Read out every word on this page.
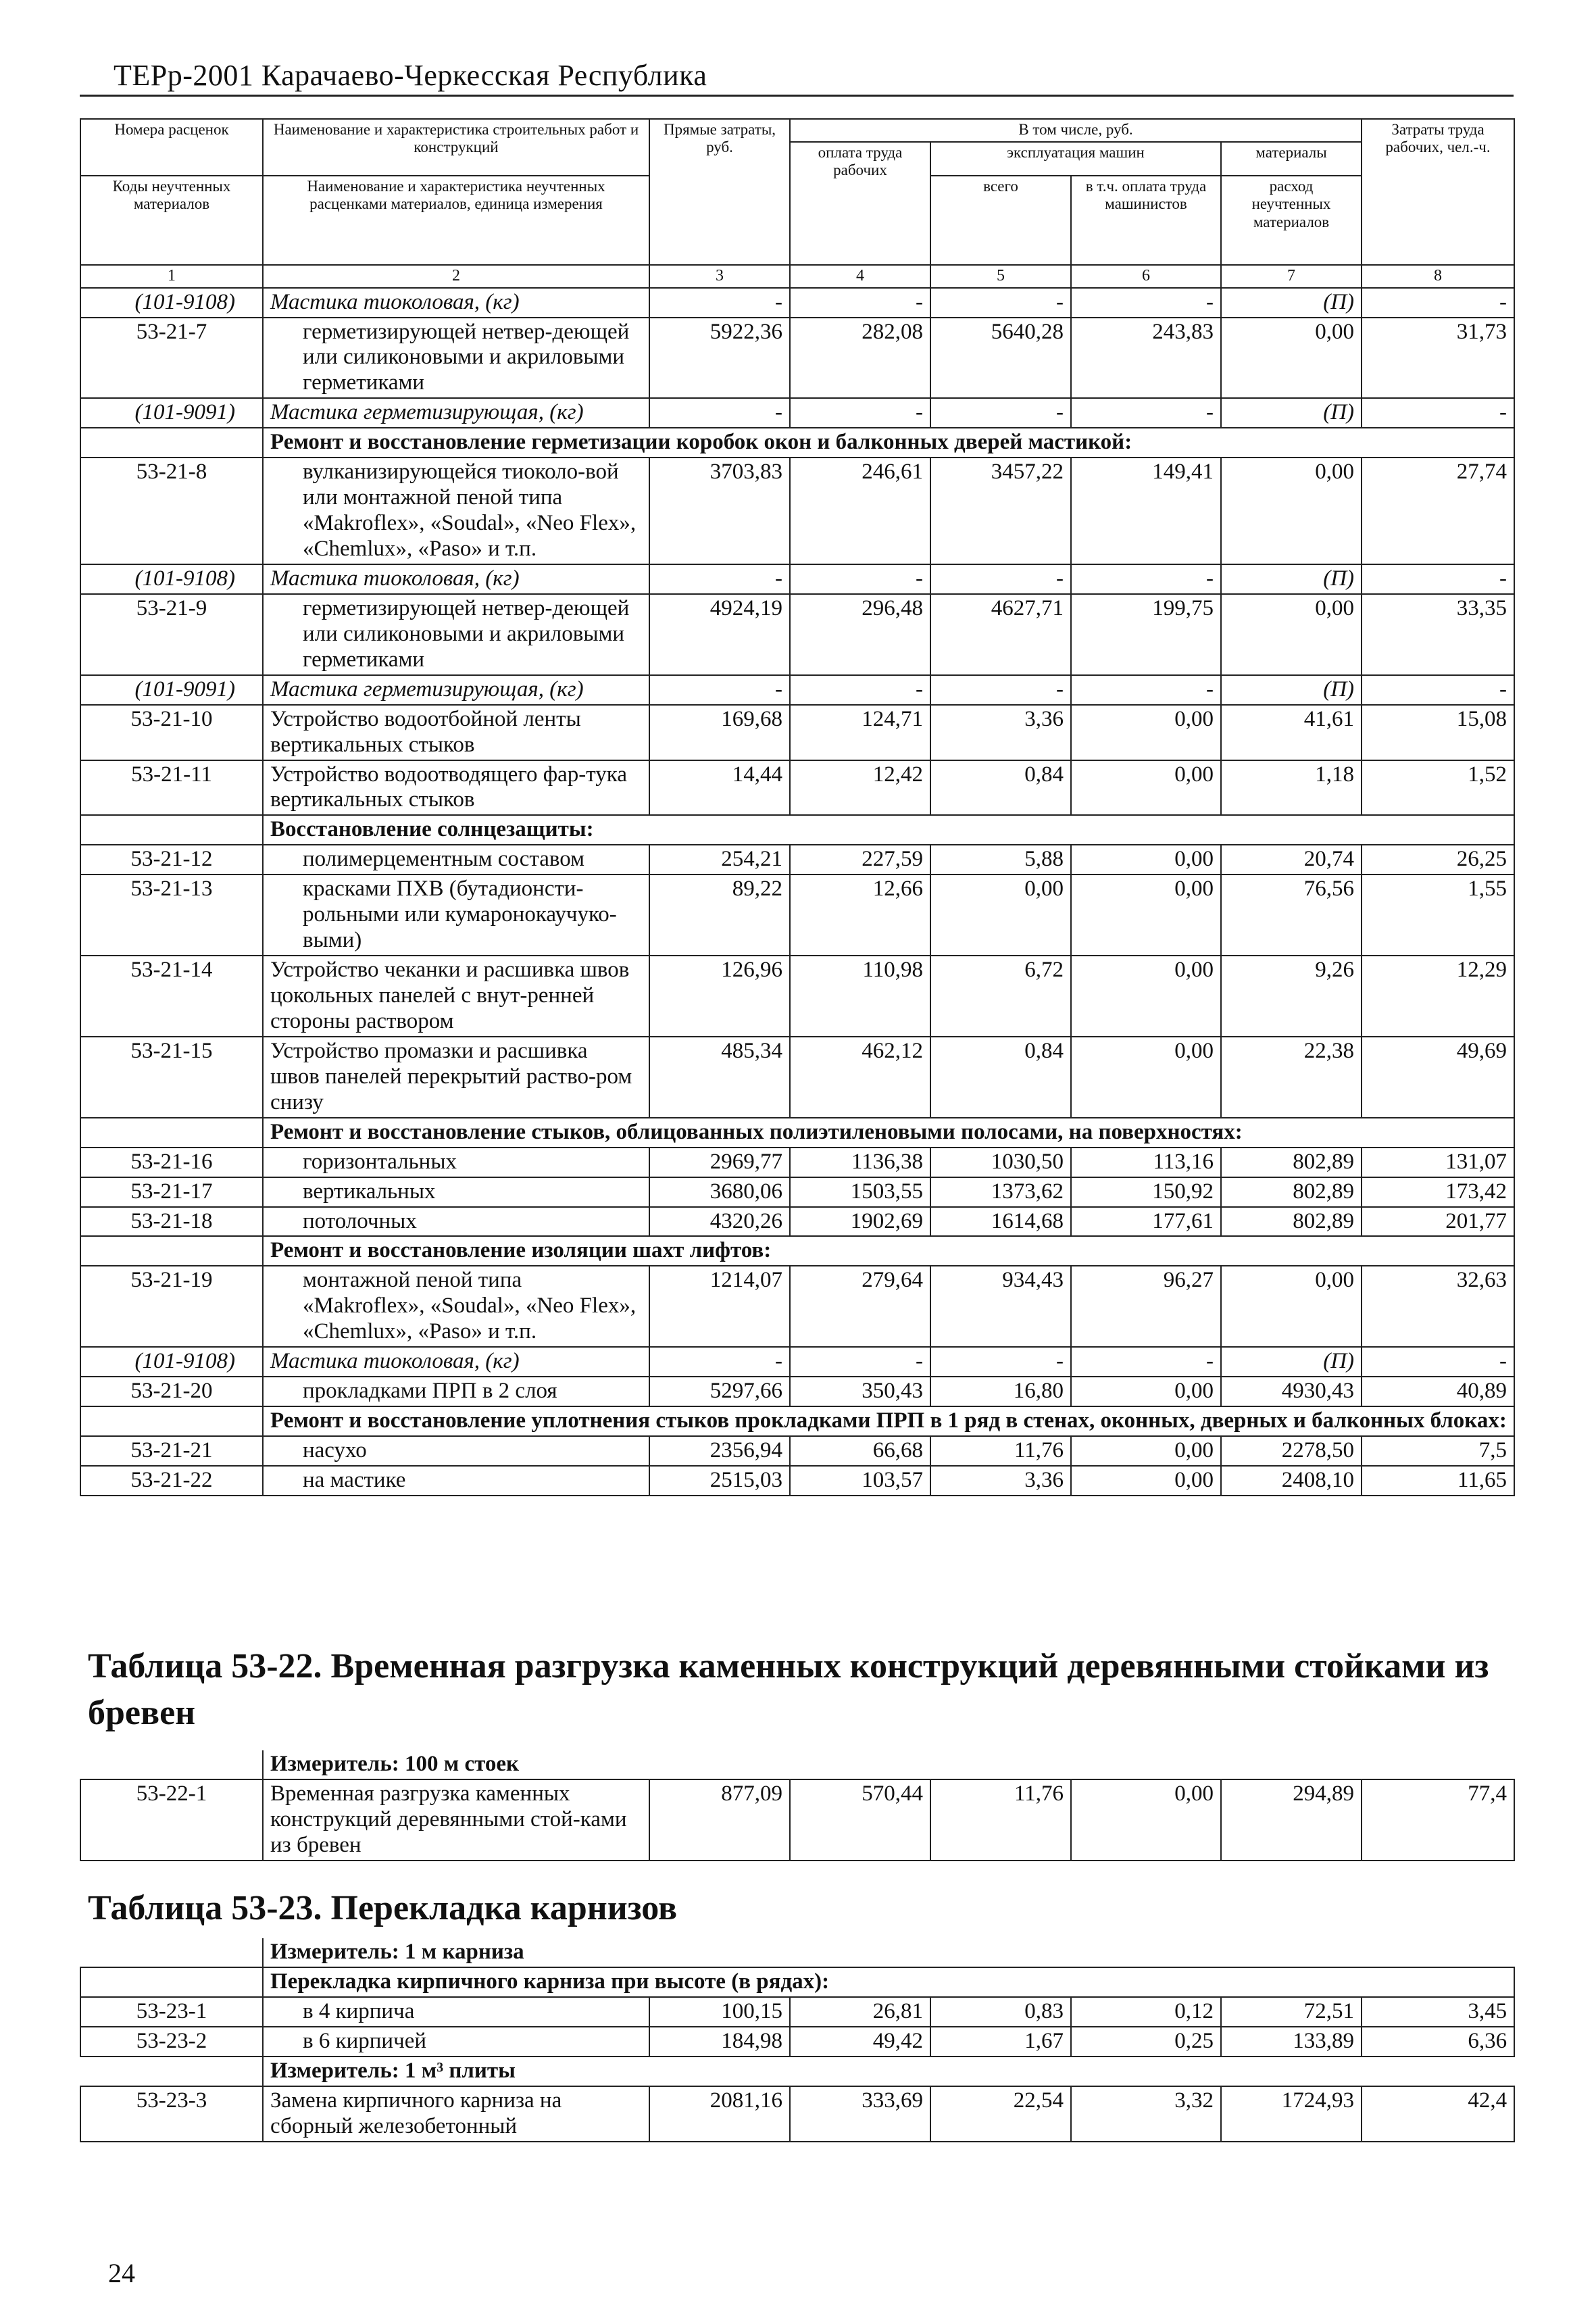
ТЕРр-2001 Карачаево-Черкесская Республика
Номера расценок	Наименование и характеристика строительных работ и конструкций	Прямые затраты, руб.	В том числе, руб.				Затраты труда рабочих, чел.-ч.
			оплата труда рабочих	эксплуатация машин		материалы	
Коды неучтенных материалов	Наименование и характеристика неучтенных расценками материалов, единица измерения			всего	в т.ч. оплата труда машинистов	расход неучтенных материалов	

1	2	3	4	5	6	7	8
(101-9108)	Мастика тиоколовая, (кг)	-	-	-	-	(П)	-
53-21-7	герметизирующей нетвер-деющей или силиконовыми и акриловыми герметиками	5922,36	282,08	5640,28	243,83	0,00	31,73
(101-9091)	Мастика герметизирующая, (кг)	-	-	-	-	(П)	-
	Ремонт и восстановление герметизации коробок окон и балконных дверей мастикой:						
53-21-8	вулканизирующейся тиоколо-вой или монтажной пеной типа «Makroflex», «Soudal», «Neo Flex», «Chemlux», «Paso» и т.п.	3703,83	246,61	3457,22	149,41	0,00	27,74
(101-9108)	Мастика тиоколовая, (кг)	-	-	-	-	(П)	-
53-21-9	герметизирующей нетвер-деющей или силиконовыми и акриловыми герметиками	4924,19	296,48	4627,71	199,75	0,00	33,35
(101-9091)	Мастика герметизирующая, (кг)	-	-	-	-	(П)	-
53-21-10	Устройство водоотбойной ленты вертикальных стыков	169,68	124,71	3,36	0,00	41,61	15,08
53-21-11	Устройство водоотводящего фар-тука вертикальных стыков	14,44	12,42	0,84	0,00	1,18	1,52
	Восстановление солнцезащиты:						
53-21-12	полимерцементным составом	254,21	227,59	5,88	0,00	20,74	26,25
53-21-13	красками ПХВ (бутадионсти-рольными или кумаронокаучуко-выми)	89,22	12,66	0,00	0,00	76,56	1,55
53-21-14	Устройство чеканки и расшивка швов цокольных панелей с внут-ренней стороны раствором	126,96	110,98	6,72	0,00	9,26	12,29
53-21-15	Устройство промазки и расшивка швов панелей перекрытий раство-ром снизу	485,34	462,12	0,84	0,00	22,38	49,69
	Ремонт и восстановление стыков, облицованных полиэтиленовыми полосами, на поверхностях:						
53-21-16	горизонтальных	2969,77	1136,38	1030,50	113,16	802,89	131,07
53-21-17	вертикальных	3680,06	1503,55	1373,62	150,92	802,89	173,42
53-21-18	потолочных	4320,26	1902,69	1614,68	177,61	802,89	201,77
	Ремонт и восстановление изоляции шахт лифтов:						
53-21-19	монтажной пеной типа «Makroflex», «Soudal», «Neo Flex», «Chemlux», «Paso» и т.п.	1214,07	279,64	934,43	96,27	0,00	32,63
(101-9108)	Мастика тиоколовая, (кг)	-	-	-	-	(П)	-
53-21-20	прокладками ПРП в 2 слоя	5297,66	350,43	16,80	0,00	4930,43	40,89
	Ремонт и восстановление уплотнения стыков прокладками ПРП в 1 ряд в стенах, оконных, дверных и балконных блоках:						
53-21-21	насухо	2356,94	66,68	11,76	0,00	2278,50	7,5
53-21-22	на мастике	2515,03	103,57	3,36	0,00	2408,10	11,65
Таблица 53-22. Временная разгрузка каменных конструкций деревянными стойками из бревен
	Измеритель: 100 м стоек						
53-22-1	Временная разгрузка каменных конструкций деревянными стой-ками из бревен	877,09	570,44	11,76	0,00	294,89	77,4
Таблица 53-23. Перекладка карнизов
	Измеритель: 1 м карниза						
	Перекладка кирпичного карниза при высоте (в рядах):						
53-23-1	в 4 кирпича	100,15	26,81	0,83	0,12	72,51	3,45
53-23-2	в 6 кирпичей	184,98	49,42	1,67	0,25	133,89	6,36
	Измеритель: 1 м³ плиты						
53-23-3	Замена кирпичного карниза на сборный железобетонный	2081,16	333,69	22,54	3,32	1724,93	42,4
24
